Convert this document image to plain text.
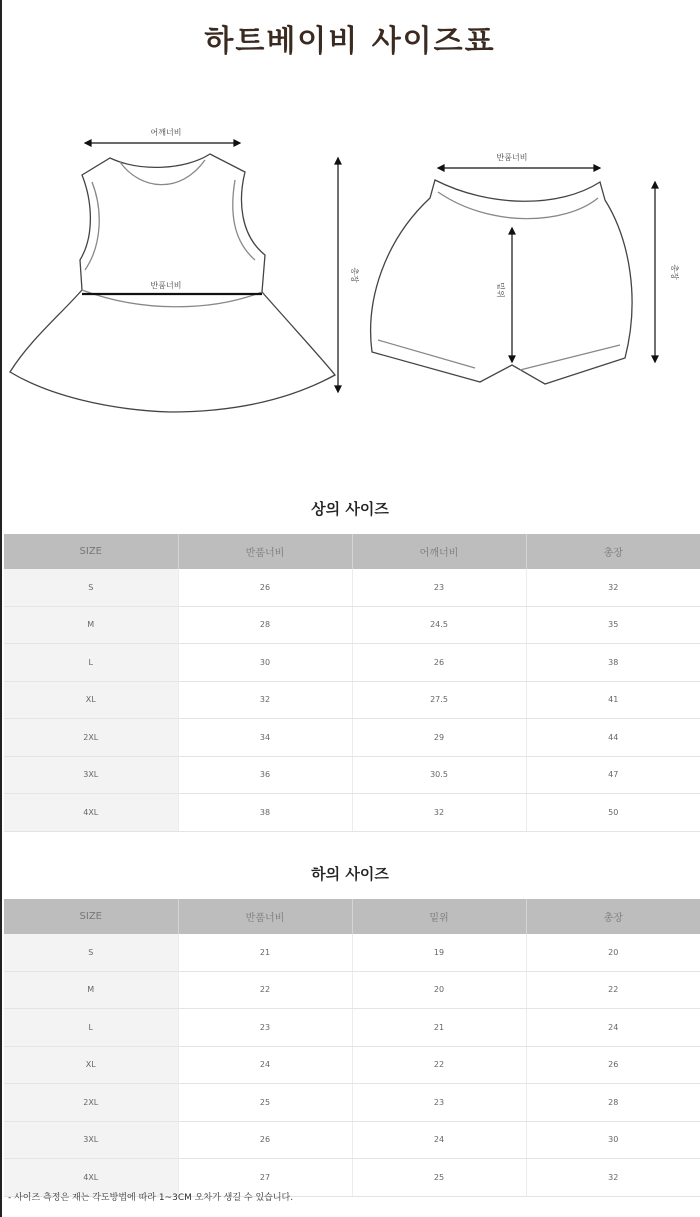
하트베이비 사이즈표
어깨너비
반품너비
총장
반품너비
밑위
총장
상의 사이즈
SIZE	반품너비	어깨너비	총장
S	26	23	32
M	28	24.5	35
L	30	26	38
XL	32	27.5	41
2XL	34	29	44
3XL	36	30.5	47
4XL	38	32	50
하의 사이즈
SIZE	반품너비	밑위	총장
S	21	19	20
M	22	20	22
L	23	21	24
XL	24	22	26
2XL	25	23	28
3XL	26	24	30
4XL	27	25	32
- 사이즈 측정은 재는 각도방법에 따라 1~3CM 오차가 생길 수 있습니다.
